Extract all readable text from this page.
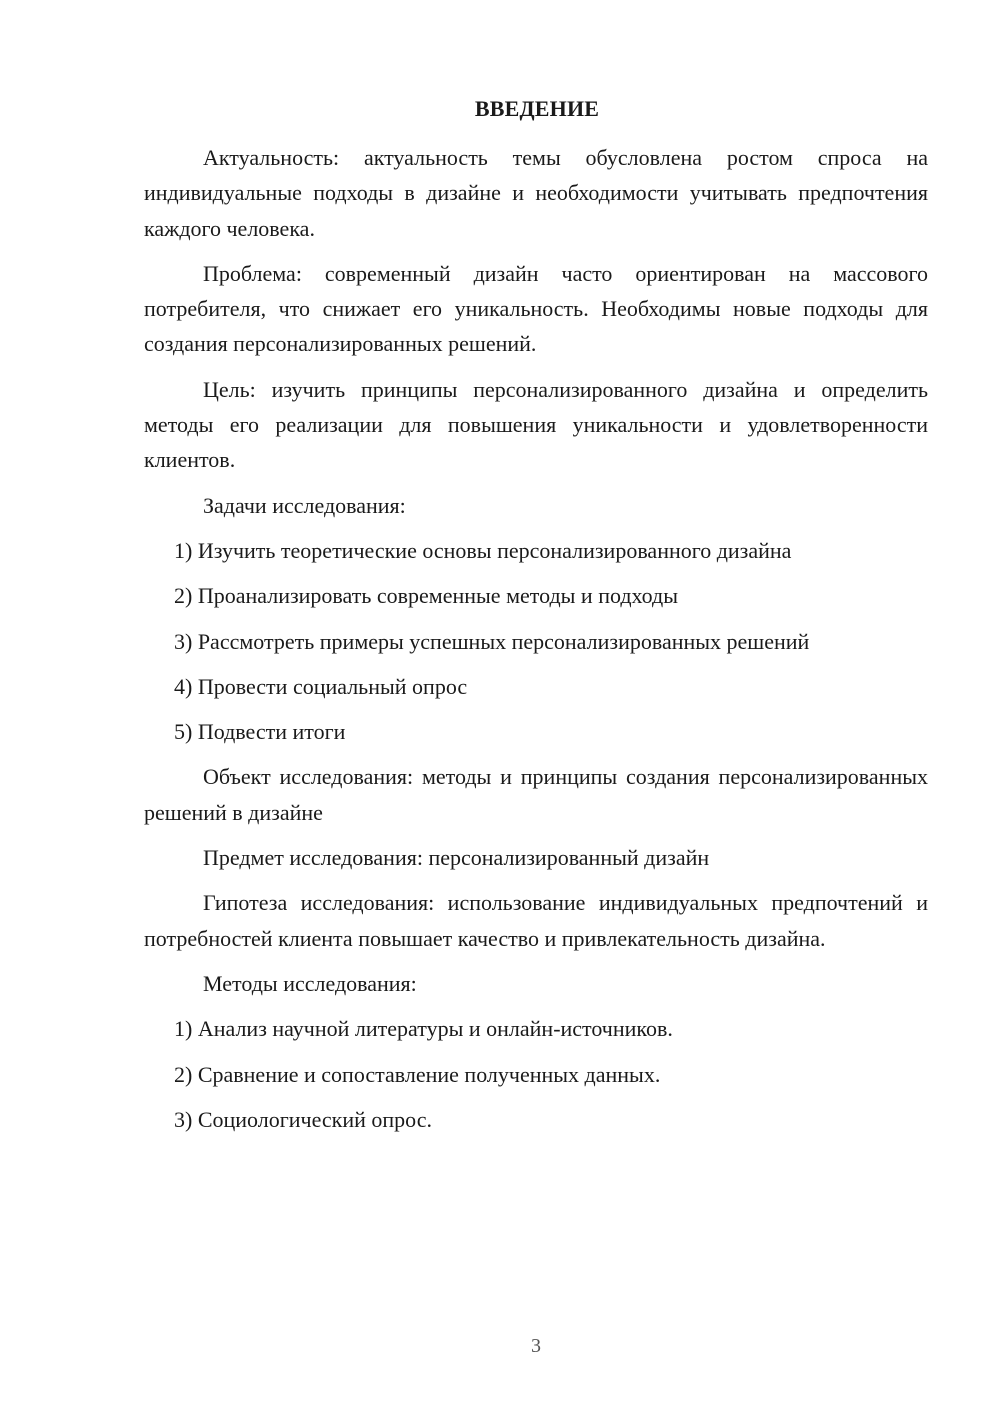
ВВЕДЕНИЕ

Актуальность: актуальность темы обусловлена ростом спроса на индивидуальные подходы в дизайне и необходимости учитывать предпочтения каждого человека.

Проблема: современный дизайн часто ориентирован на массового потребителя, что снижает его уникальность. Необходимы новые подходы для создания персонализированных решений.

Цель: изучить принципы персонализированного дизайна и определить методы его реализации для повышения уникальности и удовлетворенности клиентов.

Задачи исследования:

1) Изучить теоретические основы персонализированного дизайна
2) Проанализировать современные методы и подходы
3) Рассмотреть примеры успешных персонализированных решений
4) Провести социальный опрос
5) Подвести итоги

Объект исследования: методы и принципы создания персонализированных решений в дизайне

Предмет исследования: персонализированный дизайн

Гипотеза исследования: использование индивидуальных предпочтений и потребностей клиента повышает качество и привлекательность дизайна.

Методы исследования:

1) Анализ научной литературы и онлайн-источников.
2) Сравнение и сопоставление полученных данных.
3) Социологический опрос.
3
